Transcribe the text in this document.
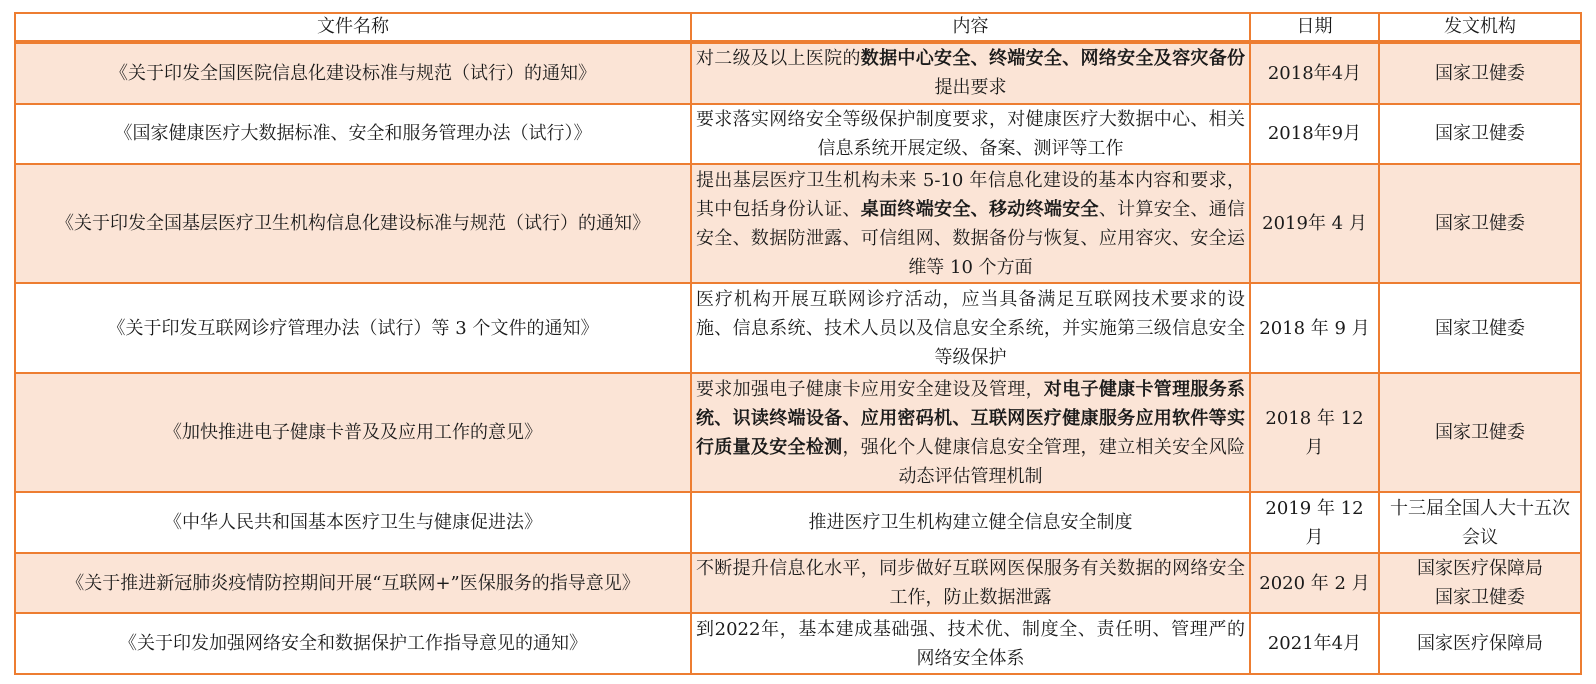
文件名称	内容	日期	发文机构
《关于印发全国医院信息化建设标准与规范（试行）的通知》	对二级及以上医院的数据中心安全、终端安全、网络安全及容灾备份提出要求	2018年4月	国家卫健委

《国家健康医疗大数据标准、安全和服务管理办法（试行）》	要求落实网络安全等级保护制度要求，对健康医疗大数据中心、相关信息系统开展定级、备案、测评等工作	2018年9月	国家卫健委

《关于印发全国基层医疗卫生机构信息化建设标准与规范（试行）的通知》	提出基层医疗卫生机构未来 5-10 年信息化建设的基本内容和要求，其中包括身份认证、桌面终端安全、移动终端安全、计算安全、通信安全、数据防泄露、可信组网、数据备份与恢复、应用容灾、安全运维等 10 个方面	2019年 4 月	国家卫健委

《关于印发互联网诊疗管理办法（试行）等 3 个文件的通知》	医疗机构开展互联网诊疗活动，应当具备满足互联网技术要求的设施、信息系统、技术人员以及信息安全系统，并实施第三级信息安全等级保护	2018 年 9 月	国家卫健委

《加快推进电子健康卡普及及应用工作的意见》	要求加强电子健康卡应用安全建设及管理，对电子健康卡管理服务系统、识读终端设备、应用密码机、互联网医疗健康服务应用软件等实行质量及安全检测，强化个人健康信息安全管理，建立相关安全风险动态评估管理机制	2018 年 12 月	国家卫健委

《中华人民共和国基本医疗卫生与健康促进法》	推进医疗卫生机构建立健全信息安全制度	2019 年 12 月	十三届全国人大十五次会议

《关于推进新冠肺炎疫情防控期间开展“互联网+”医保服务的指导意见》	不断提升信息化水平，同步做好互联网医保服务有关数据的网络安全工作，防止数据泄露	2020 年 2 月	国家医疗保障局
国家卫健委

《关于印发加强网络安全和数据保护工作指导意见的通知》	到2022年，基本建成基础强、技术优、制度全、责任明、管理严的网络安全体系	2021年4月	国家医疗保障局
